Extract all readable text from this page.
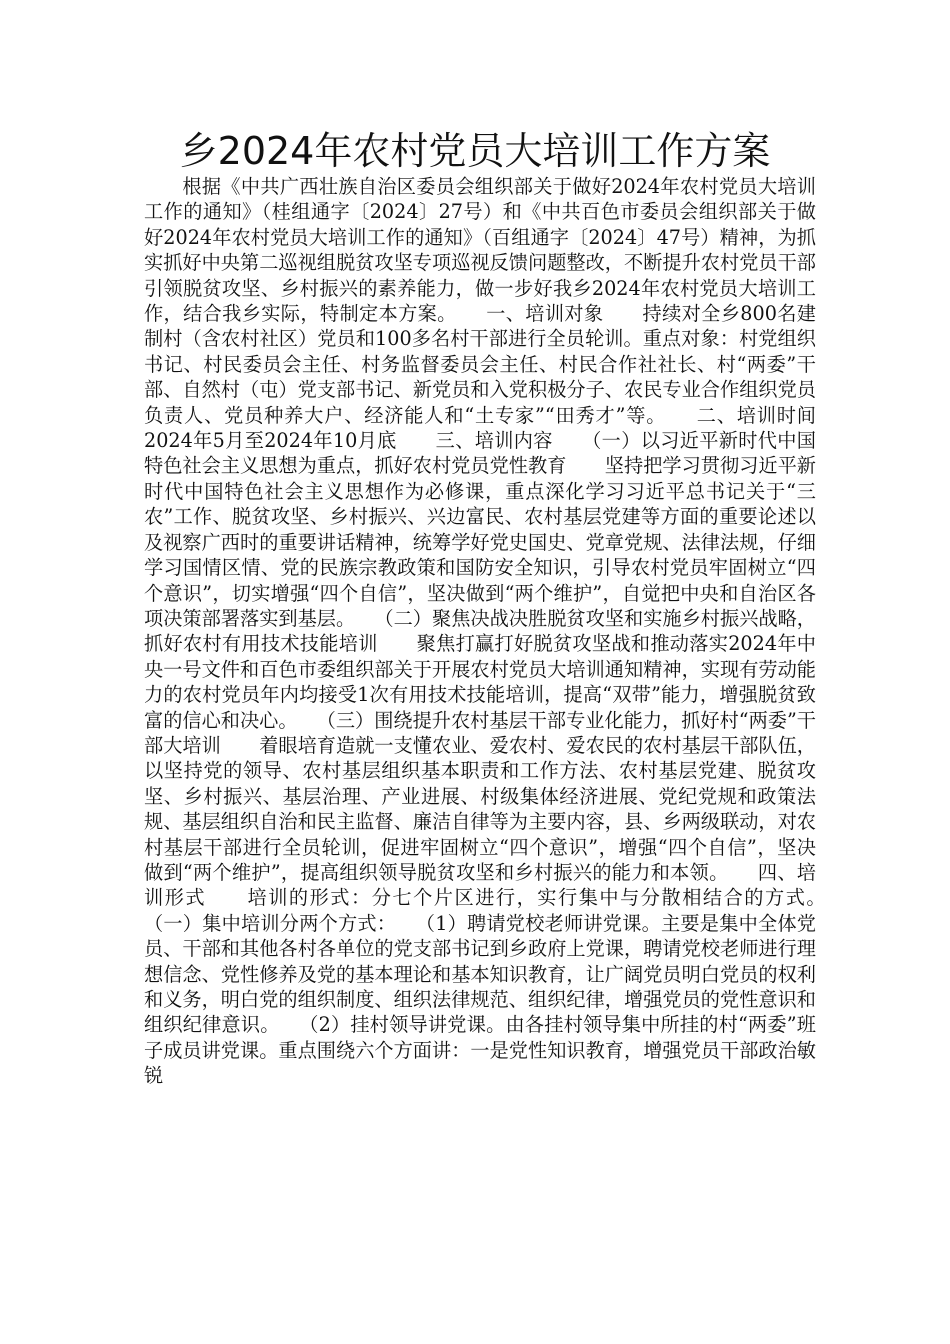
乡2024年农村党员大培训工作方案

根据《中共广西壮族自治区委员会组织部关于做好2024年农村党员大培训工作的通知》（桂组通字〔2024〕27号）和《中共百色市委员会组织部关于做好2024年农村党员大培训工作的通知》（百组通字〔2024〕47号）精神，为抓实抓好中央第二巡视组脱贫攻坚专项巡视反馈问题整改，不断提升农村党员干部引领脱贫攻坚、乡村振兴的素养能力，做一步好我乡2024年农村党员大培训工作，结合我乡实际，特制定本方案。　　一、培训对象　　持续对全乡800名建制村（含农村社区）党员和100多名村干部进行全员轮训。重点对象：村党组织书记、村民委员会主任、村务监督委员会主任、村民合作社社长、村“两委”干部、自然村（屯）党支部书记、新党员和入党积极分子、农民专业合作组织党员负责人、党员种养大户、经济能人和“土专家”“田秀才”等。　　二、培训时间　　2024年5月至2024年10月底　　三、培训内容　　（一）以习近平新时代中国特色社会主义思想为重点，抓好农村党员党性教育　　坚持把学习贯彻习近平新时代中国特色社会主义思想作为必修课，重点深化学习习近平总书记关于“三农”工作、脱贫攻坚、乡村振兴、兴边富民、农村基层党建等方面的重要论述以及视察广西时的重要讲话精神，统筹学好党史国史、党章党规、法律法规，仔细学习国情区情、党的民族宗教政策和国防安全知识，引导农村党员牢固树立“四个意识”，切实增强“四个自信”，坚决做到“两个维护”，自觉把中央和自治区各项决策部署落实到基层。　　（二）聚焦决战决胜脱贫攻坚和实施乡村振兴战略，抓好农村有用技术技能培训　　聚焦打赢打好脱贫攻坚战和推动落实2024年中央一号文件和百色市委组织部关于开展农村党员大培训通知精神，实现有劳动能力的农村党员年内均接受1次有用技术技能培训，提高“双带”能力，增强脱贫致富的信心和决心。　　（三）围绕提升农村基层干部专业化能力，抓好村“两委”干部大培训　　着眼培育造就一支懂农业、爱农村、爱农民的农村基层干部队伍，以坚持党的领导、农村基层组织基本职责和工作方法、农村基层党建、脱贫攻坚、乡村振兴、基层治理、产业进展、村级集体经济进展、党纪党规和政策法规、基层组织自治和民主监督、廉洁自律等为主要内容，县、乡两级联动，对农村基层干部进行全员轮训，促进牢固树立“四个意识”，增强“四个自信”，坚决做到“两个维护”，提高组织领导脱贫攻坚和乡村振兴的能力和本领。　　四、培训形式　　培训的形式：分七个片区进行，实行集中与分散相结合的方式。　　（一）集中培训分两个方式：　　（1）聘请党校老师讲党课。主要是集中全体党员、干部和其他各村各单位的党支部书记到乡政府上党课，聘请党校老师进行理想信念、党性修养及党的基本理论和基本知识教育，让广阔党员明白党员的权利和义务，明白党的组织制度、组织法律规范、组织纪律，增强党员的党性意识和组织纪律意识。　　（2）挂村领导讲党课。由各挂村领导集中所挂的村“两委”班子成员讲党课。重点围绕六个方面讲：一是党性知识教育，增强党员干部政治敏锐
